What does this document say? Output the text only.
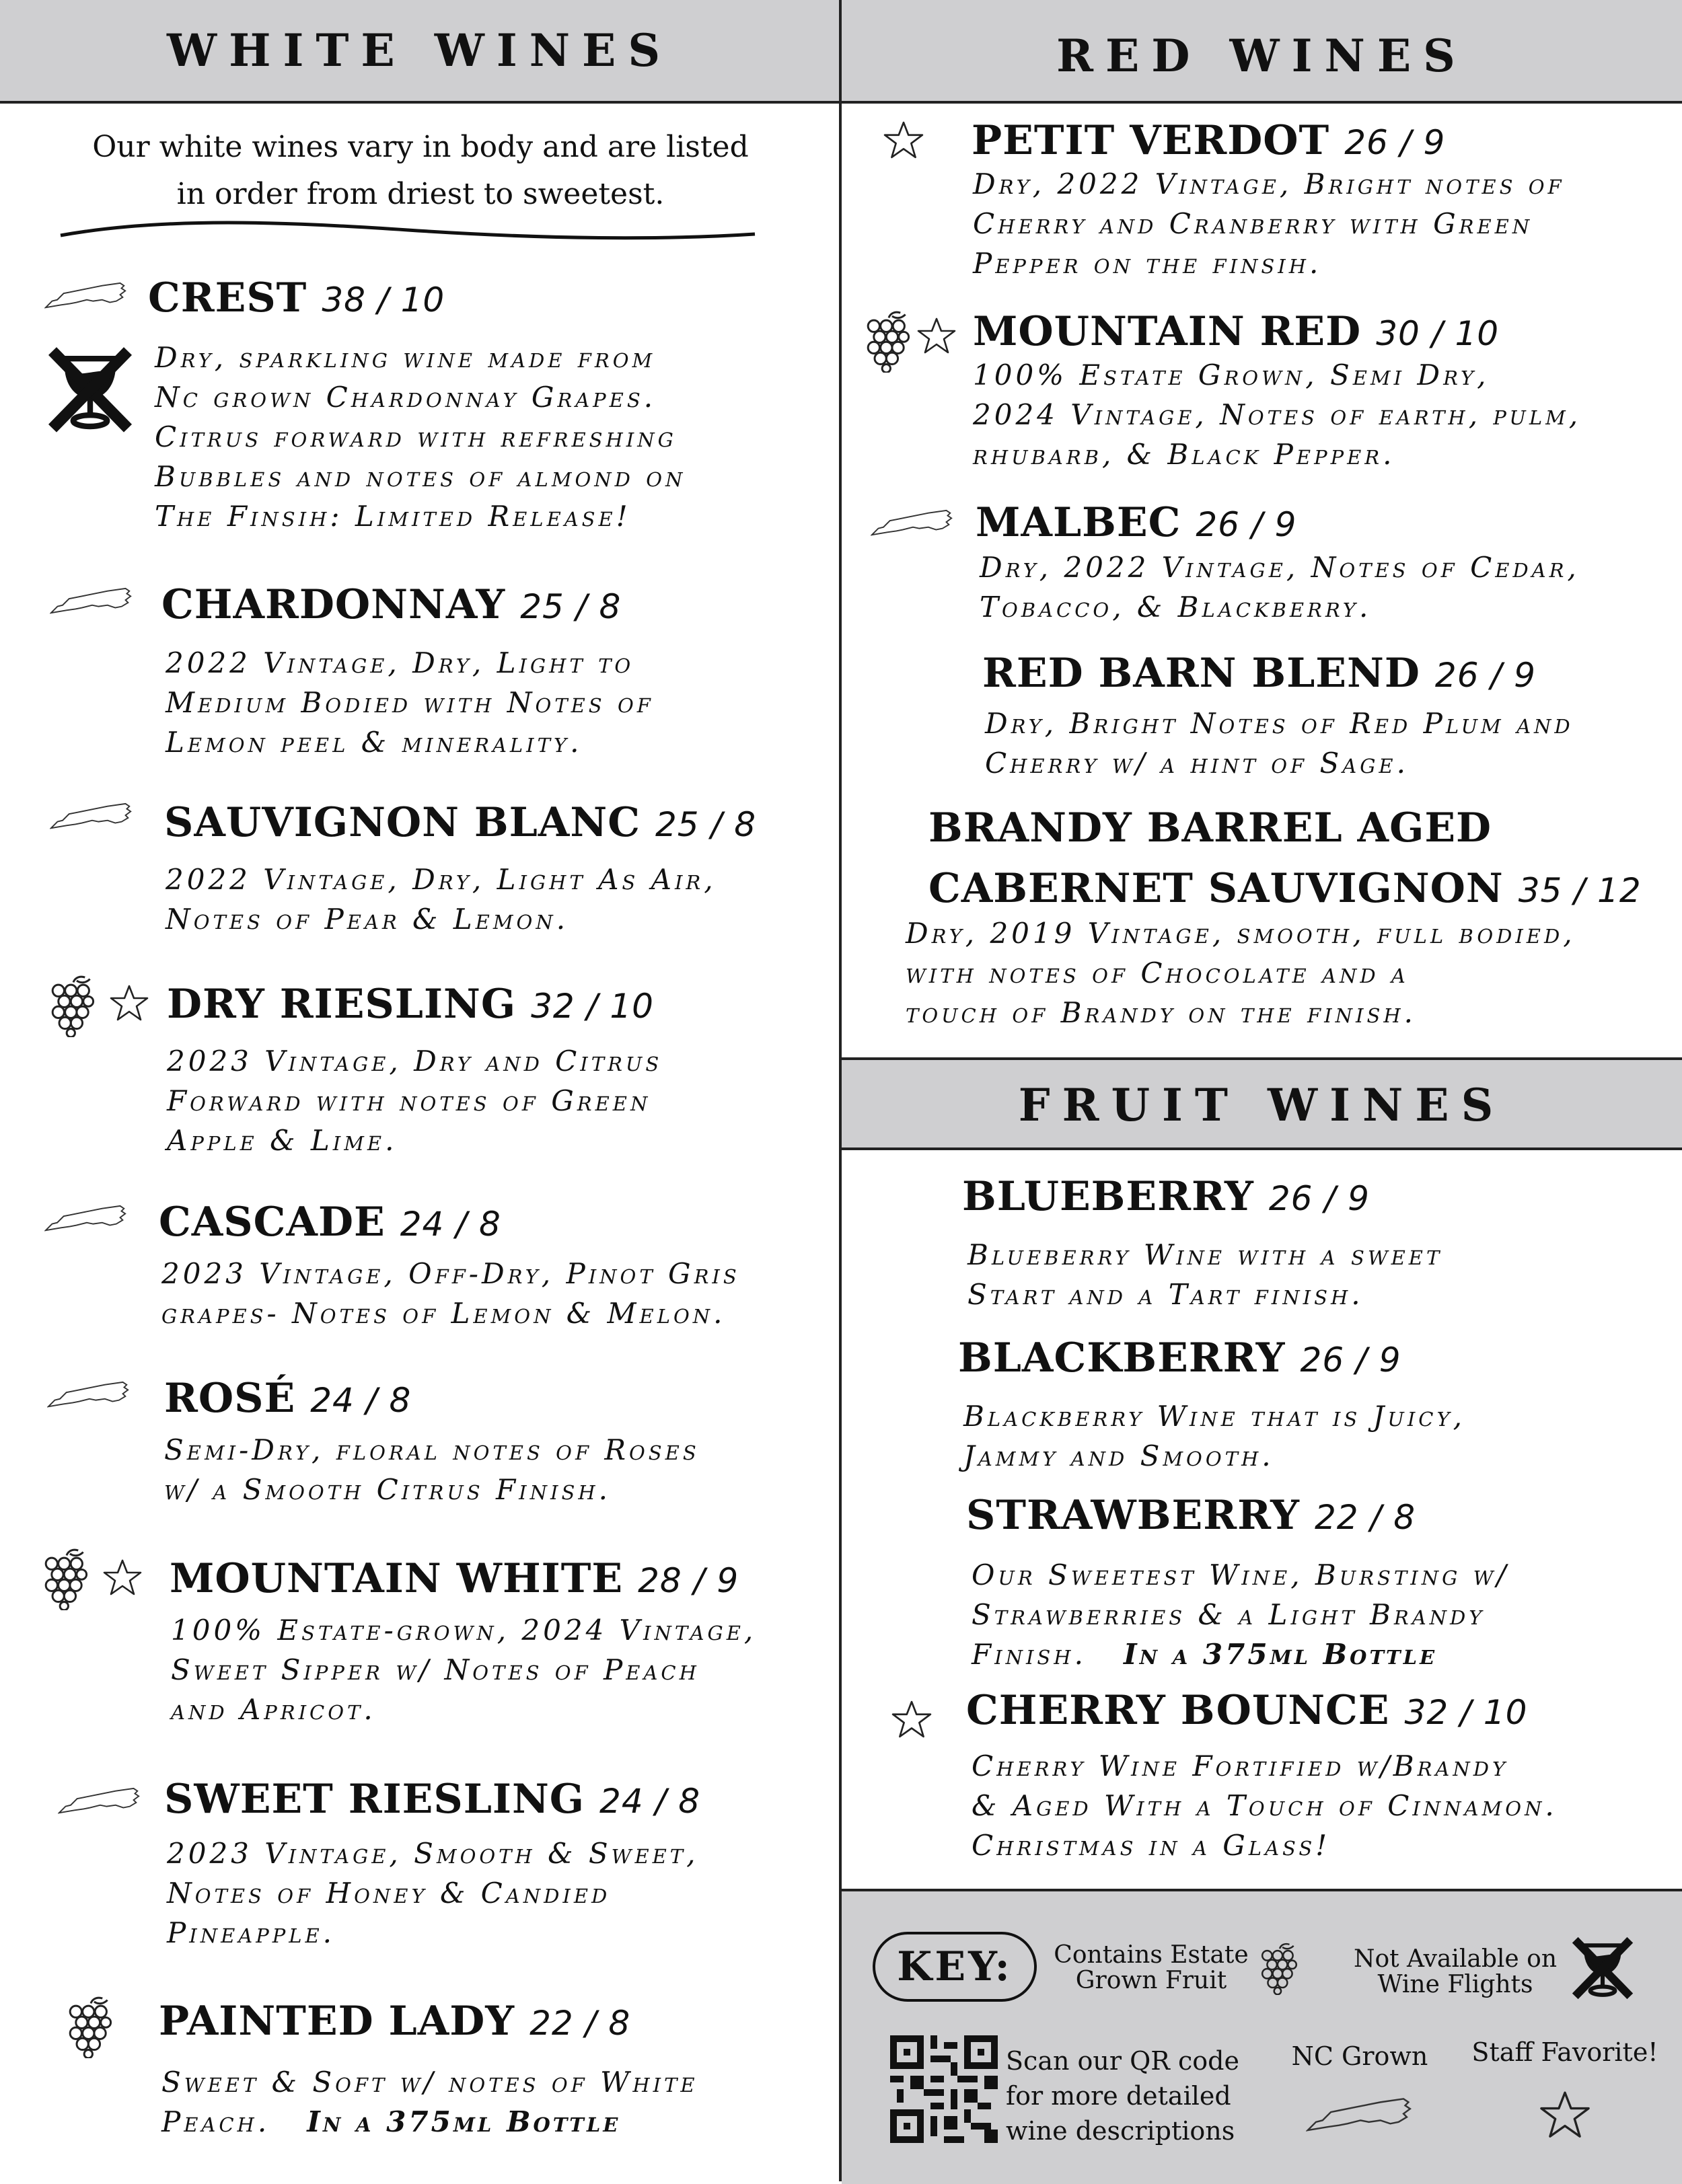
WHITE WINES
Our white wines vary in body and are listed
in order from driest to sweetest.
CREST 38 / 10
Dry, sparkling wine made from
Nc grown Chardonnay Grapes.
Citrus forward with refreshing
Bubbles and notes of almond on
The Finsih: Limited Release!
CHARDONNAY 25 / 8
2022 Vintage, Dry, Light to
Medium Bodied with Notes of
Lemon peel & minerality.
SAUVIGNON BLANC 25 / 8
2022 Vintage, Dry, Light As Air,
Notes of Pear & Lemon.
DRY RIESLING 32 / 10
2023 Vintage, Dry and Citrus
Forward with notes of Green
Apple & Lime.
CASCADE 24 / 8
2023 Vintage, Off-Dry, Pinot Gris
grapes- Notes of Lemon & Melon.
ROSÉ 24 / 8
Semi-Dry, floral notes of Roses
w/ a Smooth Citrus Finish.
MOUNTAIN WHITE 28 / 9
100% Estate-grown, 2024 Vintage,
Sweet Sipper w/ Notes of Peach
and Apricot.
SWEET RIESLING 24 / 8
2023 Vintage, Smooth & Sweet,
Notes of Honey & Candied
Pineapple.
PAINTED LADY 22 / 8
Sweet & Soft w/ notes of White
Peach. In a 375ml Bottle
RED WINES
PETIT VERDOT 26 / 9
Dry, 2022 Vintage, Bright notes of
Cherry and Cranberry with Green
Pepper on the finsih.
MOUNTAIN RED 30 / 10
100% Estate Grown, Semi Dry,
2024 Vintage, Notes of earth, pulm,
rhubarb, & Black Pepper.
MALBEC 26 / 9
Dry, 2022 Vintage, Notes of Cedar,
Tobacco, & Blackberry.
RED BARN BLEND 26 / 9
Dry, Bright Notes of Red Plum and
Cherry w/ a hint of Sage.
BRANDY BARREL AGED
CABERNET SAUVIGNON 35 / 12
Dry, 2019 Vintage, smooth, full bodied,
with notes of Chocolate and a
touch of Brandy on the finish.
FRUIT WINES
BLUEBERRY 26 / 9
Blueberry Wine with a sweet
Start and a Tart finish.
BLACKBERRY 26 / 9
Blackberry Wine that is Juicy,
Jammy and Smooth.
STRAWBERRY 22 / 8
Our Sweetest Wine, Bursting w/
Strawberries & a Light Brandy
Finish. In a 375ml Bottle
CHERRY BOUNCE 32 / 10
Cherry Wine Fortified w/Brandy
& Aged With a Touch of Cinnamon.
Christmas in a Glass!
KEY:	Contains Estate
Grown Fruit
Not Available on
Wine Flights
Scan our QR code
for more detailed
wine descriptions
NC Grown	Staff Favorite!
